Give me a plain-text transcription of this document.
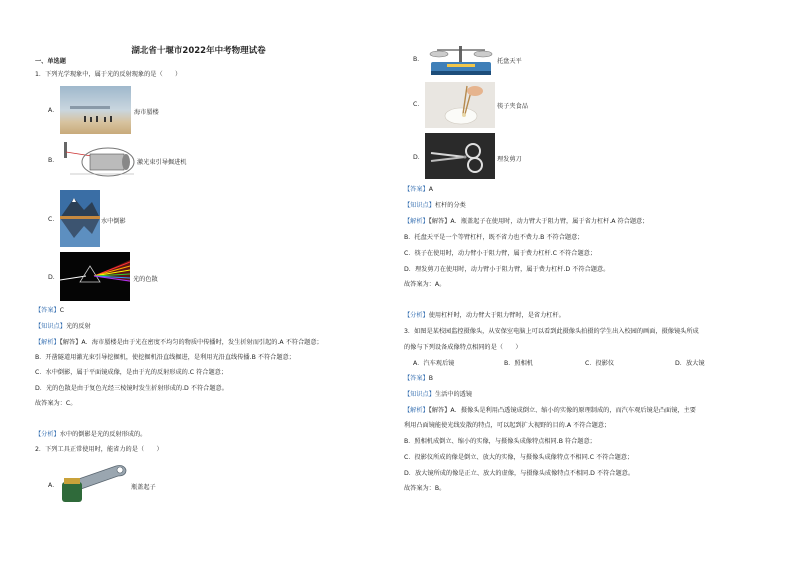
湖北省十堰市2022年中考物理试卷
一、单选题
1．下列光学现象中，属于光的反射现象的是（　　）
A．	海市蜃楼
B．	激光束引导掘进机
C．	水中倒影
D．	光的色散
【答案】C
【知识点】光的反射
【解析】【解答】A．海市蜃楼是由于光在密度不均匀的物质中传播时，发生折射而引起的.A 不符合题意；
B．开凿隧道用激光束引导挖掘机，使挖掘机沿直线掘进，是利用光沿直线传播.B 不符合题意；
C．水中倒影，属于平面镜成像，是由于光的反射形成的.C 符合题意；
D．光的色散是由于复色光经三棱镜时发生折射形成的.D 不符合题意。
故答案为：C。
【分析】水中的倒影是光的反射形成的。
2．下列工具正常使用时，能省力的是（　　）
A．	瓶盖起子
B．	托盘天平
C．	筷子夹食品
D．	理发剪刀
【答案】A
【知识点】杠杆的分类
【解析】【解答】A．瓶盖起子在使用时，动力臂大于阻力臂，属于省力杠杆.A 符合题意；
B．托盘天平是一个等臂杠杆，既不省力也不费力.B 不符合题意；
C．筷子在使用时，动力臂小于阻力臂，属于费力杠杆.C 不符合题意；
D．理发剪刀在使用时，动力臂小于阻力臂，属于费力杠杆.D 不符合题意。
故答案为：A。
【分析】使用杠杆时，动力臂大于阻力臂时，是省力杠杆。
3．如图是某校园监控摄像头，从安保室电脑上可以看到此摄像头拍摄的学生出入校园的画面，摄像镜头所成
的像与下列设备成像特点相同的是（　　）
A．汽车观后镜	B．照相机	C．投影仪	D．放大镜
【答案】B
【知识点】生活中的透镜
【解析】【解答】A．摄像头是利用凸透镜成倒立、缩小的实像的原理制成的，而汽车观后镜是凸面镜，主要
利用凸面镜能使光线发散的特点，可以起到扩大视野的目的.A 不符合题意；
B．照相机成倒立、缩小的实像，与摄像头成像特点相同.B 符合题意；
C．投影仪所成的像是倒立、放大的实像，与摄像头成像特点不相同.C 不符合题意；
D．放大镜所成的像是正立、放大的虚像，与摄像头成像特点不相同.D 不符合题意。
故答案为：B。
